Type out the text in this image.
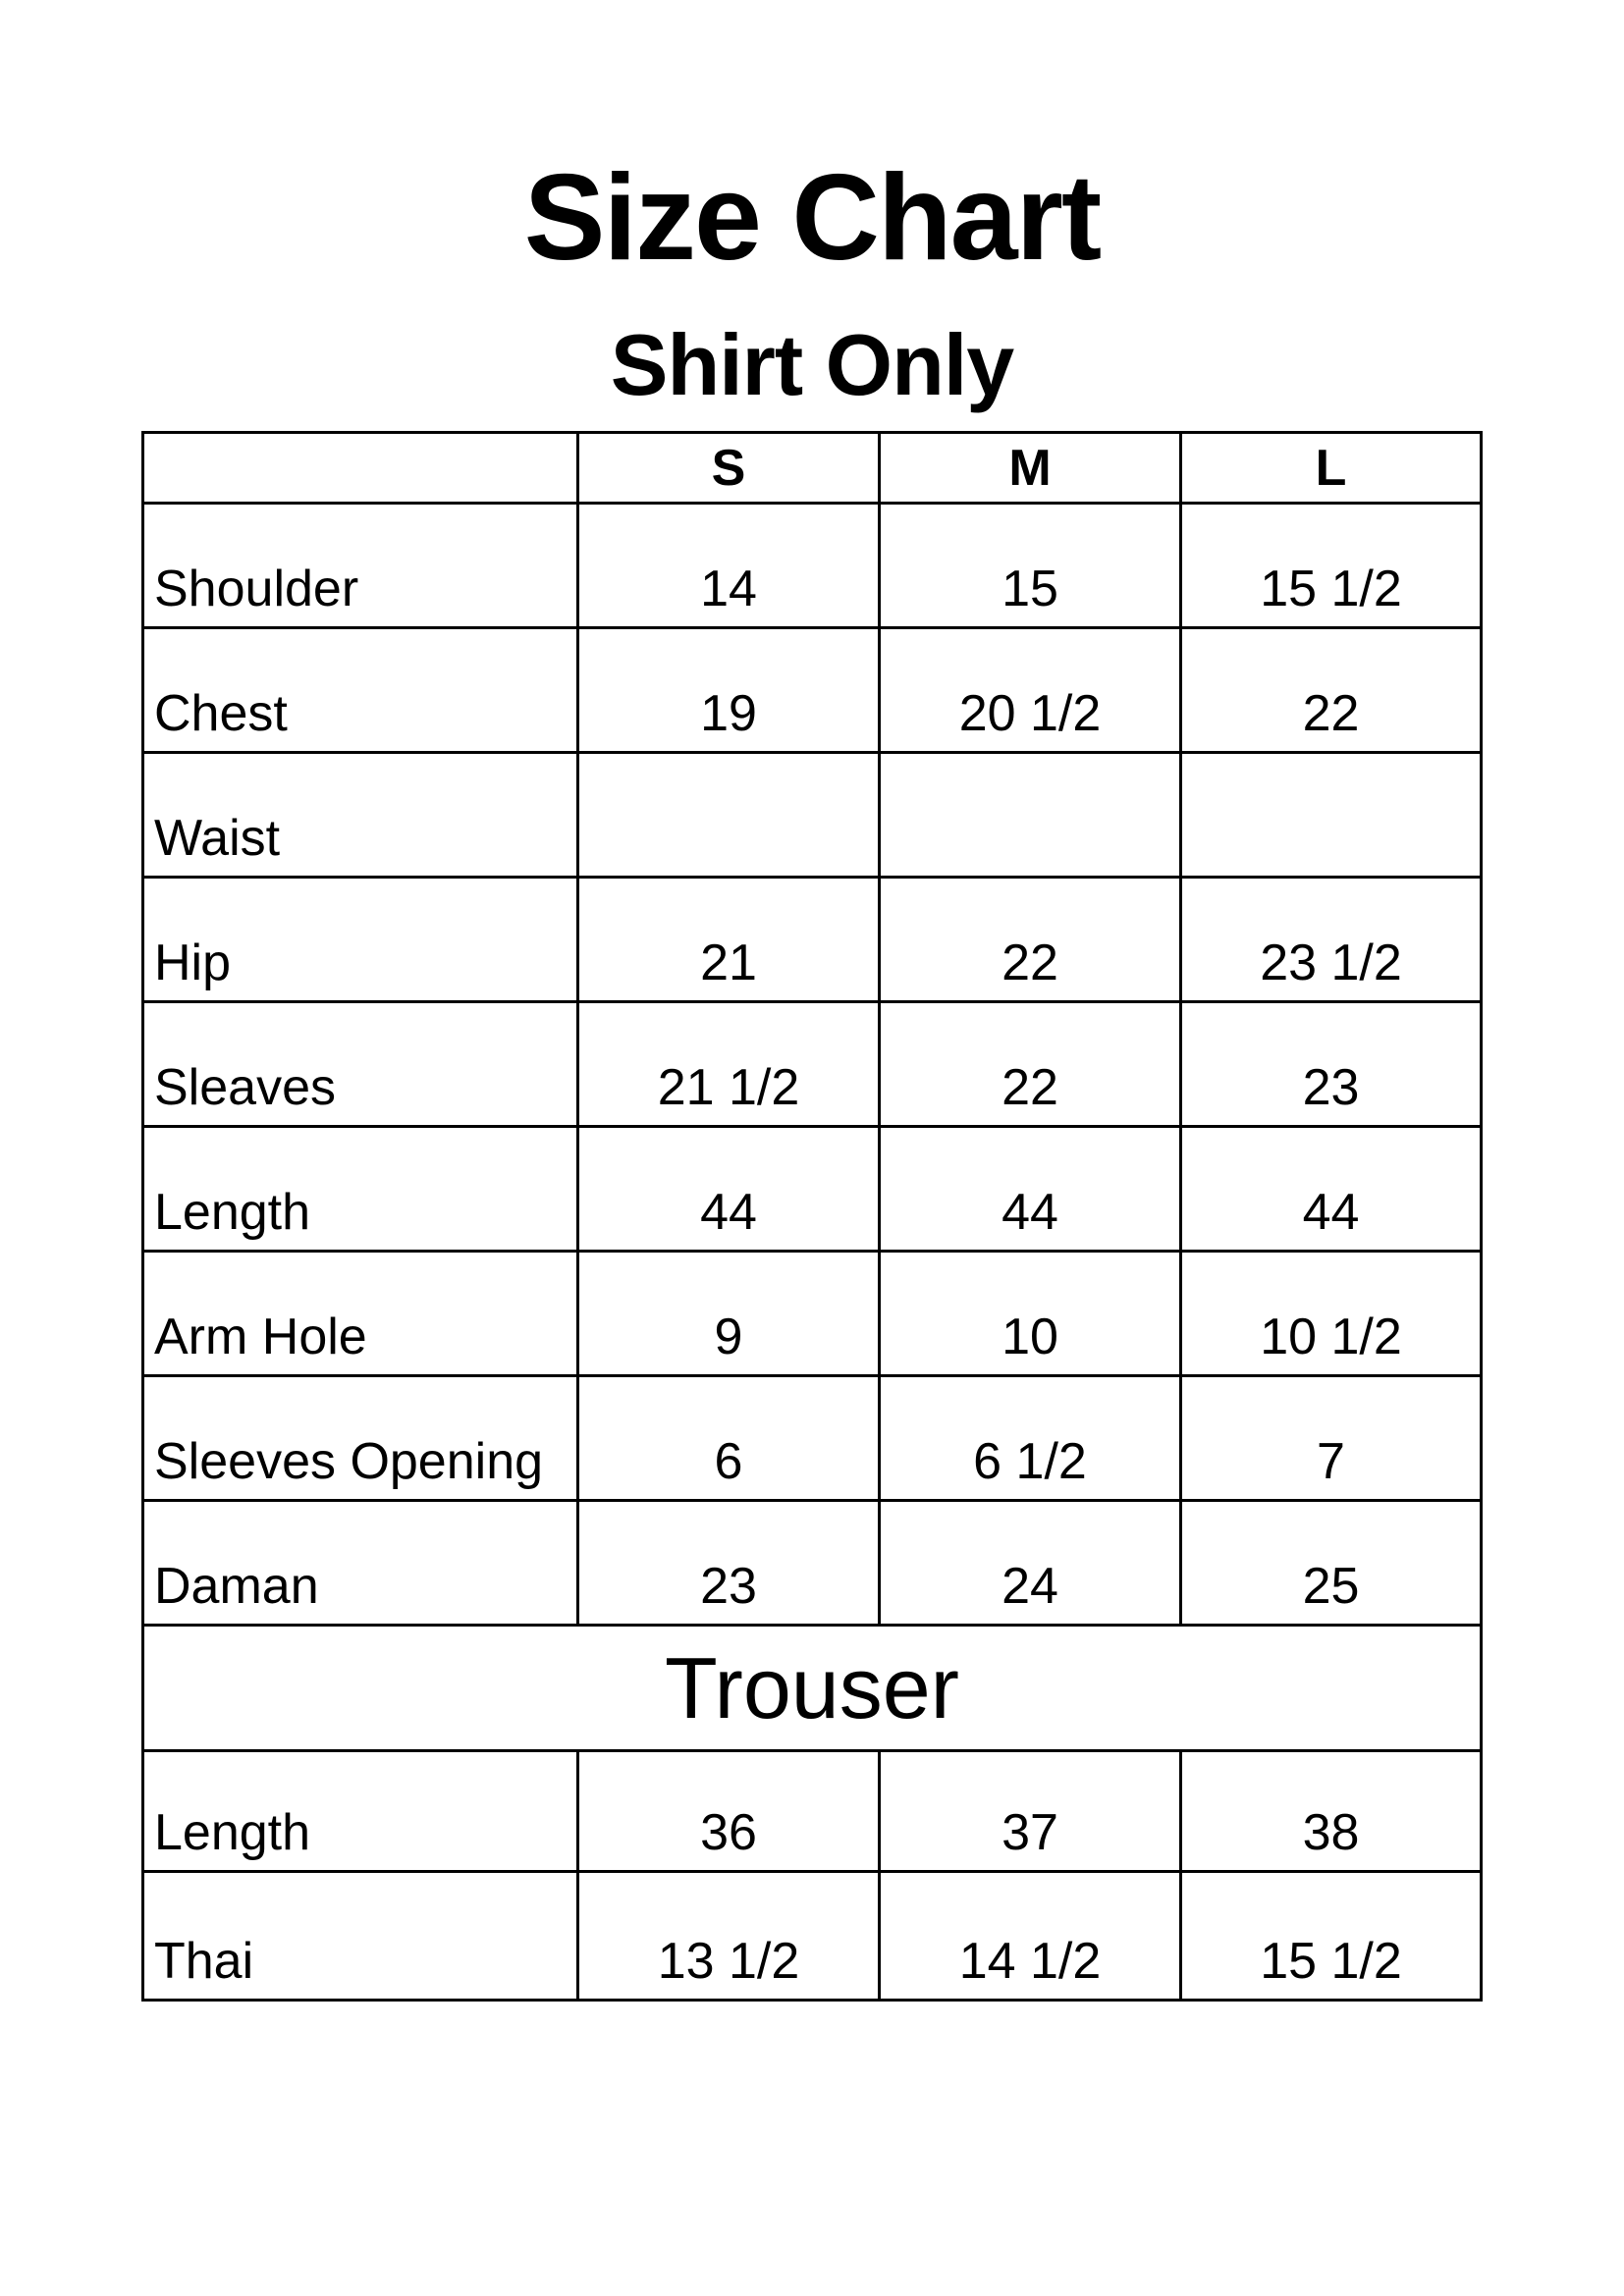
Size Chart
Shirt Only
	S	M	L
Shoulder	14	15	15 1/2
Chest	19	20 1/2	22
Waist			
Hip	21	22	23 1/2
Sleaves	21 1/2	22	23
Length	44	44	44
Arm Hole	9	10	10 1/2
Sleeves Opening	6	6 1/2	7
Daman	23	24	25
Trouser			
Length	36	37	38
Thai	13 1/2	14 1/2	15 1/2
